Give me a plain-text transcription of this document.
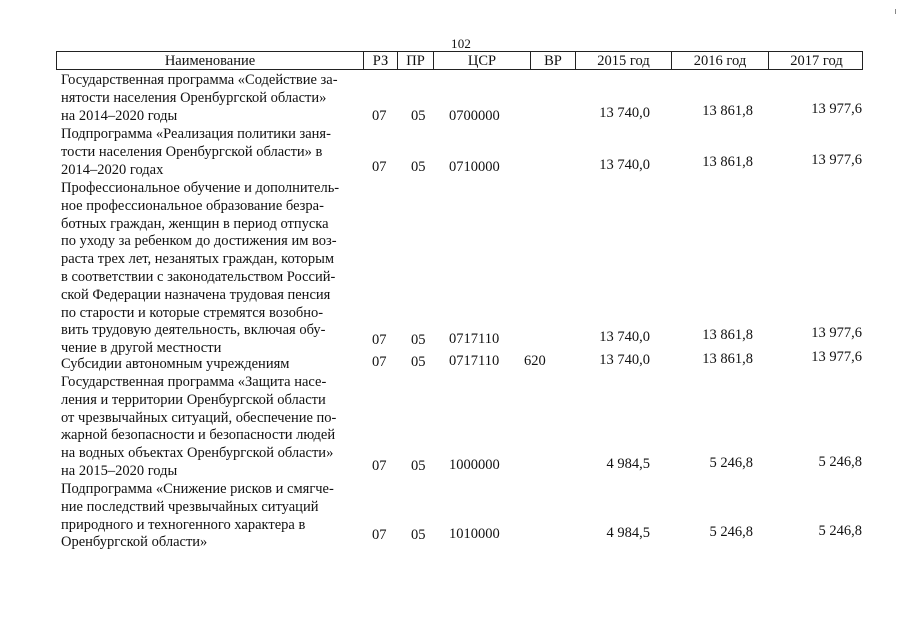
102
Наименование	РЗ	ПР	ЦСР	ВР	2015 год	2016 год	2017 год
Государственная программа «Содействие за-
нятости населения Оренбургской области»
на 2014–2020 годы	07 05 0700000	13 740,0	13 861,8	13 977,6
Подпрограмма «Реализация политики заня-
тости населения Оренбургской области» в
2014–2020 годах	07 05 0710000	13 740,0	13 861,8	13 977,6
Профессиональное обучение и дополнитель-
ное профессиональное образование безра-
ботных граждан, женщин в период отпуска
по уходу за ребенком до достижения им воз-
раста трех лет, незанятых граждан, которым
в соответствии с законодательством Россий-
ской Федерации назначена трудовая пенсия
по старости и которые стремятся возобно-
вить трудовую деятельность, включая обу-
чение в другой местности
07 05 0717110	13 740,0	13 861,8	13 977,6
Субсидии автономным учреждениям	07 05 0717110 620	13 740,0	13 861,8	13 977,6
Государственная программа «Защита насе-
ления и территории Оренбургской области
от чрезвычайных ситуаций, обеспечение по-
жарной безопасности и безопасности людей
на водных объектах Оренбургской области»
на 2015–2020 годы	07 05 1000000	4 984,5	5 246,8	5 246,8
Подпрограмма «Снижение рисков и смягче-
ние последствий чрезвычайных ситуаций
природного и техногенного характера в
Оренбургской области»	07 05 1010000	4 984,5	5 246,8	5 246,8
